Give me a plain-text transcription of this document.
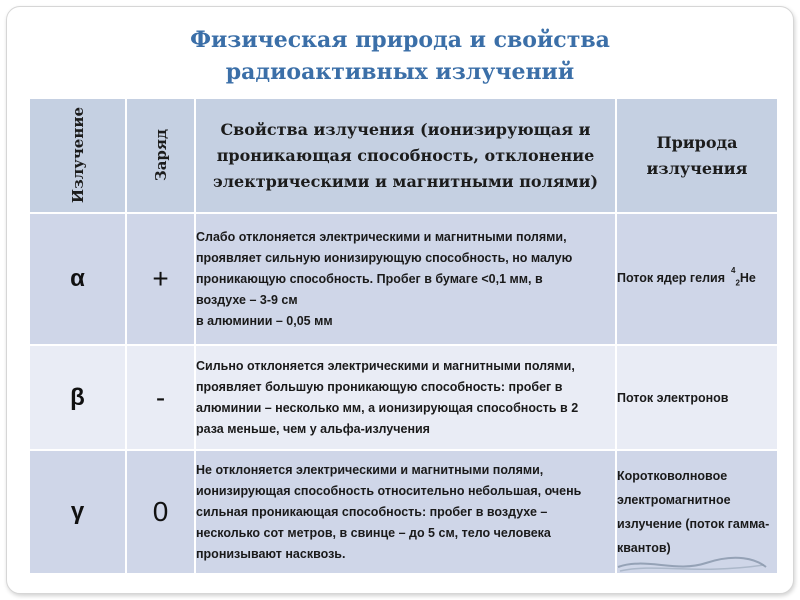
Физическая природа и свойства
радиоактивных излучений
Излучение	Заряд	Свойства излучения (ионизирующая и проникающая способность, отклонение электрическими и магнитными полями)	Природа излучения

α	+	Слабо отклоняется электрическими и магнитными полями,
проявляет сильную ионизирующую способность, но малую
проникающую способность. Пробег в бумаге <0,1 мм, в
воздухе – 3-9 см
в алюминии – 0,05 мм	Поток ядер гелия$^4_2$He
β	-	Сильно отклоняется электрическими и магнитными полями,
проявляет большую проникающую способность: пробег в
алюминии – несколько мм, а ионизирующая способность в 2
раза меньше, чем у альфа-излучения	Поток электронов
γ	0	Не отклоняется электрическими и магнитными полями,
ионизирующая способность относительно небольшая, очень
сильная проникающая способность: пробег в воздухе –
несколько сот метров, в свинце – до 5 см, тело человека
пронизывают насквозь.	Коротковолновое электромагнитное излучение (поток гамма-квантов)
